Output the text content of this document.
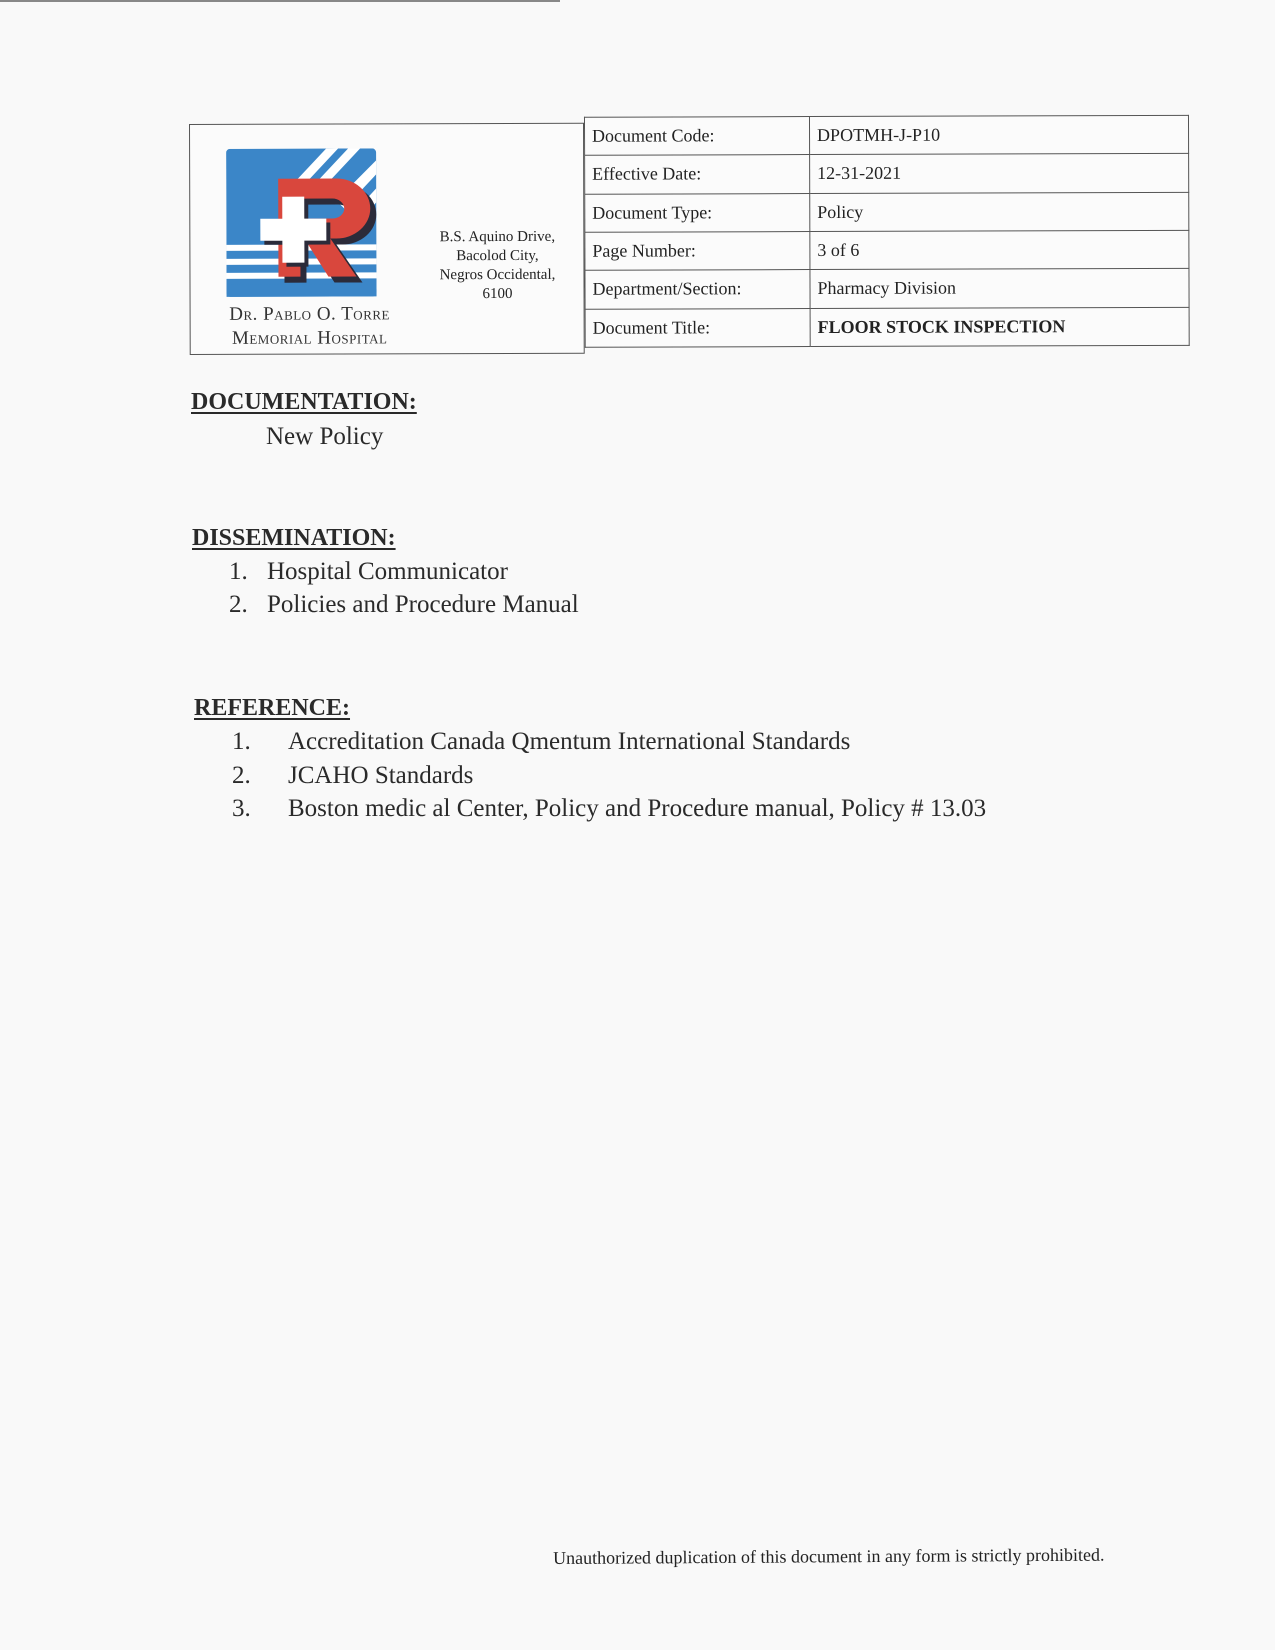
Dr. Pablo O. Torre
Memorial Hospital
B.S. Aquino Drive,
Bacolod City,
Negros Occidental,
6100
Document Code:	DPOTMH-J-P10
Effective Date:	12-31-2021
Document Type:	Policy
Page Number:	3 of 6
Department/Section:	Pharmacy Division
Document Title:	FLOOR STOCK INSPECTION
DOCUMENTATION:
New Policy
DISSEMINATION:
1. Hospital Communicator
2. Policies and Procedure Manual
REFERENCE:
1. Accreditation Canada Qmentum International Standards
2. JCAHO Standards
3. Boston medic al Center, Policy and Procedure manual, Policy # 13.03
Unauthorized duplication of this document in any form is strictly prohibited.
